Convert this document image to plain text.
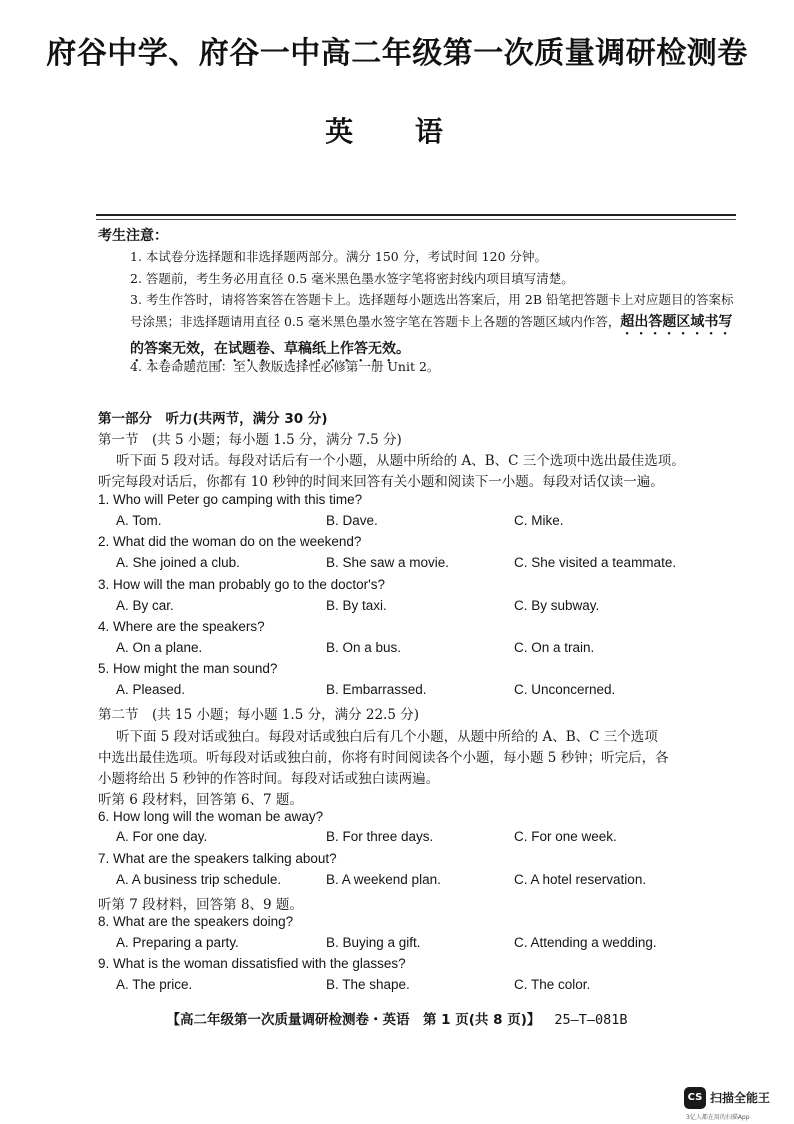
府谷中学、府谷一中高二年级第一次质量调研检测卷
英 语
考生注意：
1. 本试卷分选择题和非选择题两部分。满分 150 分，考试时间 120 分钟。
2. 答题前，考生务必用直径 0.5 毫米黑色墨水签字笔将密封线内项目填写清楚。
3. 考生作答时，请将答案答在答题卡上。选择题每小题选出答案后，用 2B 铅笔把答题卡上对应题目的答案标号涂黑；非选择题请用直径 0.5 毫米黑色墨水签字笔在答题卡上各题的答题区域内作答，超出答题区域书写的答案无效，在试题卷、草稿纸上作答无效。
4. 本卷命题范围：至人教版选择性必修第一册 Unit 2。
第一部分　听力(共两节，满分 30 分)
第一节　(共 5 小题；每小题 1.5 分，满分 7.5 分)
听下面 5 段对话。每段对话后有一个小题，从题中所给的 A、B、C 三个选项中选出最佳选项。
听完每段对话后，你都有 10 秒钟的时间来回答有关小题和阅读下一小题。每段对话仅读一遍。
1. Who will Peter go camping with this time?
A. Tom.	B. Dave.	C. Mike.
2. What did the woman do on the weekend?
A. She joined a club.	B. She saw a movie.	C. She visited a teammate.
3. How will the man probably go to the doctor's?
A. By car.	B. By taxi.	C. By subway.
4. Where are the speakers?
A. On a plane.	B. On a bus.	C. On a train.
5. How might the man sound?
A. Pleased.	B. Embarrassed.	C. Unconcerned.
第二节　(共 15 小题；每小题 1.5 分，满分 22.5 分)
听下面 5 段对话或独白。每段对话或独白后有几个小题，从题中所给的 A、B、C 三个选项
中选出最佳选项。听每段对话或独白前，你将有时间阅读各个小题，每小题 5 秒钟；听完后，各
小题将给出 5 秒钟的作答时间。每段对话或独白读两遍。
听第 6 段材料，回答第 6、7 题。
6. How long will the woman be away?
A. For one day.	B. For three days.	C. For one week.
7. What are the speakers talking about?
A. A business trip schedule.	B. A weekend plan.	C. A hotel reservation.
听第 7 段材料，回答第 8、9 题。
8. What are the speakers doing?
A. Preparing a party.	B. Buying a gift.	C. Attending a wedding.
9. What is the woman dissatisfied with the glasses?
A. The price.	B. The shape.	C. The color.
【高二年级第一次质量调研检测卷・英语　第 1 页(共 8 页)】 25—T—081B
CS 扫描全能王
3亿人都在用的扫描App
